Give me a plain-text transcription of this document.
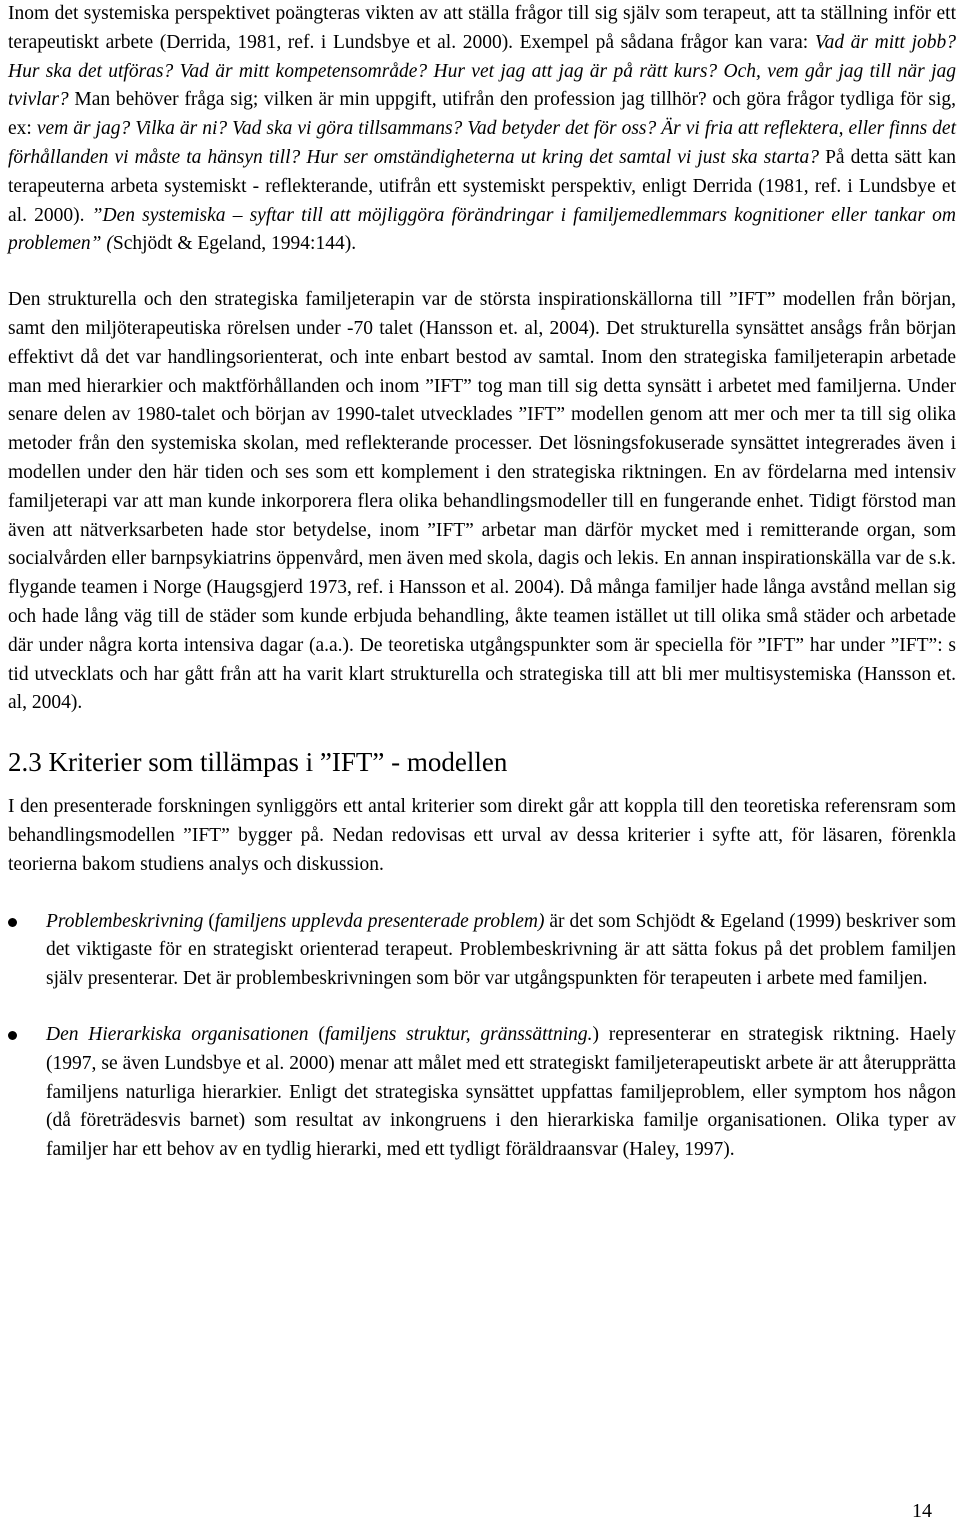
Inom det systemiska perspektivet poängteras vikten av att ställa frågor till sig själv som terapeut, att ta ställning inför ett terapeutiskt arbete (Derrida, 1981, ref. i Lundsbye et al. 2000). Exempel på sådana frågor kan vara: Vad är mitt jobb? Hur ska det utföras? Vad är mitt kompetensområde? Hur vet jag att jag är på rätt kurs? Och, vem går jag till när jag tvivlar? Man behöver fråga sig; vilken är min uppgift, utifrån den profession jag tillhör? och göra frågor tydliga för sig, ex: vem är jag? Vilka är ni? Vad ska vi göra tillsammans? Vad betyder det för oss? Är vi fria att reflektera, eller finns det förhållanden vi måste ta hänsyn till? Hur ser omständigheterna ut kring det samtal vi just ska starta? På detta sätt kan terapeuterna arbeta systemiskt - reflekterande, utifrån ett systemiskt perspektiv, enligt Derrida (1981, ref. i Lundsbye et al. 2000). ”Den systemiska – syftar till att möjliggöra förändringar i familjemedlemmars kognitioner eller tankar om problemen” (Schjödt & Egeland, 1994:144).

Den strukturella och den strategiska familjeterapin var de största inspirationskällorna till ”IFT” modellen från början, samt den miljöterapeutiska rörelsen under -70 talet (Hansson et. al, 2004). Det strukturella synsättet ansågs från början effektivt då det var handlingsorienterat, och inte enbart bestod av samtal. Inom den strategiska familjeterapin arbetade man med hierarkier och maktförhållanden och inom ”IFT” tog man till sig detta synsätt i arbetet med familjerna. Under senare delen av 1980-talet och början av 1990-talet utvecklades ”IFT” modellen genom att mer och mer ta till sig olika metoder från den systemiska skolan, med reflekterande processer. Det lösningsfokuserade synsättet integrerades även i modellen under den här tiden och ses som ett komplement i den strategiska riktningen. En av fördelarna med intensiv familjeterapi var att man kunde inkorporera flera olika behandlingsmodeller till en fungerande enhet. Tidigt förstod man även att nätverksarbeten hade stor betydelse, inom ”IFT” arbetar man därför mycket med i remitterande organ, som socialvården eller barnpsykiatrins öppenvård, men även med skola, dagis och lekis. En annan inspirationskälla var de s.k. flygande teamen i Norge (Haugsgjerd 1973, ref. i Hansson et al. 2004). Då många familjer hade långa avstånd mellan sig och hade lång väg till de städer som kunde erbjuda behandling, åkte teamen istället ut till olika små städer och arbetade där under några korta intensiva dagar (a.a.). De teoretiska utgångspunkter som är speciella för ”IFT” har under ”IFT”: s tid utvecklats och har gått från att ha varit klart strukturella och strategiska till att bli mer multisystemiska (Hansson et. al, 2004).

2.3 Kriterier som tillämpas i ”IFT” - modellen

I den presenterade forskningen synliggörs ett antal kriterier som direkt går att koppla till den teoretiska referensram som behandlingsmodellen ”IFT” bygger på. Nedan redovisas ett urval av dessa kriterier i syfte att, för läsaren, förenkla teorierna bakom studiens analys och diskussion.

Problembeskrivning (familjens upplevda presenterade problem) är det som Schjödt & Egeland (1999) beskriver som det viktigaste för en strategiskt orienterad terapeut. Problembeskrivning är att sätta fokus på det problem familjen själv presenterar. Det är problembeskrivningen som bör var utgångspunkten för terapeuten i arbete med familjen.
Den Hierarkiska organisationen (familjens struktur, gränssättning.) representerar en strategisk riktning. Haely (1997, se även Lundsbye et al. 2000) menar att målet med ett strategiskt familjeterapeutiskt arbete är att återupprätta familjens naturliga hierarkier. Enligt det strategiska synsättet uppfattas familjeproblem, eller symptom hos någon (då företrädesvis barnet) som resultat av inkongruens i den hierarkiska familje organisationen. Olika typer av familjer har ett behov av en tydlig hierarki, med ett tydligt föräldraansvar (Haley, 1997).
14
